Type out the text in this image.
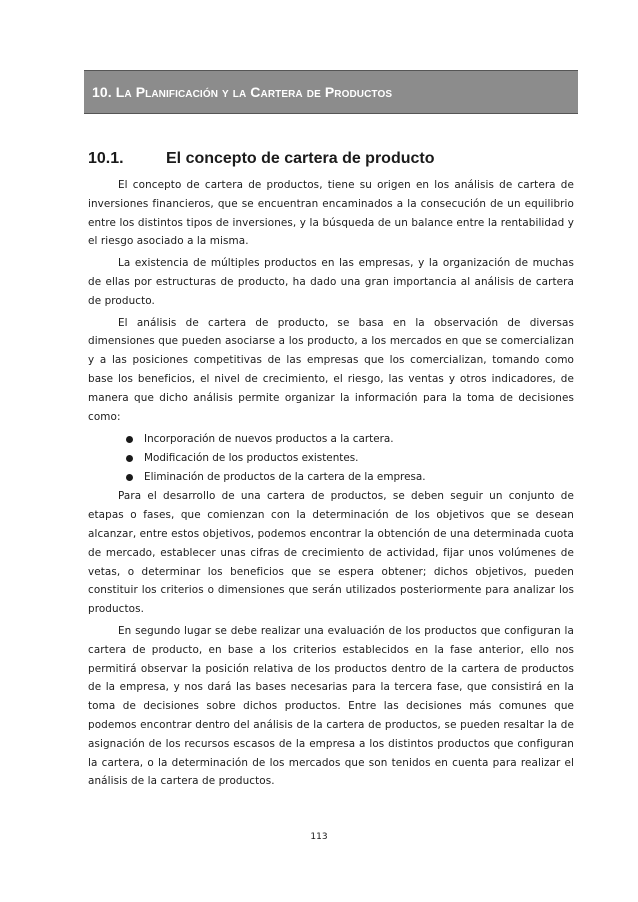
10. La Planificación y la Cartera de Productos
10.1.	El concepto de cartera de producto

El concepto de cartera de productos, tiene su origen en los análisis de cartera de inversiones financieros, que se encuentran encaminados a la consecución de un equilibrio entre los distintos tipos de inversiones, y la búsqueda de un balance entre la rentabilidad y el riesgo asociado a la misma.

La existencia de múltiples productos en las empresas, y la organización de muchas de ellas por estructuras de producto, ha dado una gran importancia al análisis de cartera de producto.

El análisis de cartera de producto, se basa en la observación de diversas dimensiones que pueden asociarse a los producto, a los mercados en que se comercializan y a las posiciones competitivas de las empresas que los comercializan, tomando como base los beneficios, el nivel de crecimiento, el riesgo, las ventas y otros indicadores, de manera que dicho análisis permite organizar la información para la toma de decisiones como:

Incorporación de nuevos productos a la cartera.
Modificación de los productos existentes.
Eliminación de productos de la cartera de la empresa.

Para el desarrollo de una cartera de productos, se deben seguir un conjunto de etapas o fases, que comienzan con la determinación de los objetivos que se desean alcanzar, entre estos objetivos, podemos encontrar la obtención de una determinada cuota de mercado, establecer unas cifras de crecimiento de actividad, fijar unos volúmenes de vetas, o determinar los beneficios que se espera obtener; dichos objetivos, pueden constituir los criterios o dimensiones que serán utilizados posteriormente para analizar los productos.

En segundo lugar se debe realizar una evaluación de los productos que configuran la cartera de producto, en base a los criterios establecidos en la fase anterior, ello nos permitirá observar la posición relativa de los productos dentro de la cartera de productos de la empresa, y nos dará las bases necesarias para la tercera fase, que consistirá en la toma de decisiones sobre dichos productos. Entre las decisiones más comunes que podemos encontrar dentro del análisis de la cartera de productos, se pueden resaltar la de asignación de los recursos escasos de la empresa a los distintos productos que configuran la cartera, o la determinación de los mercados que son tenidos en cuenta para realizar el análisis de la cartera de productos.

113
